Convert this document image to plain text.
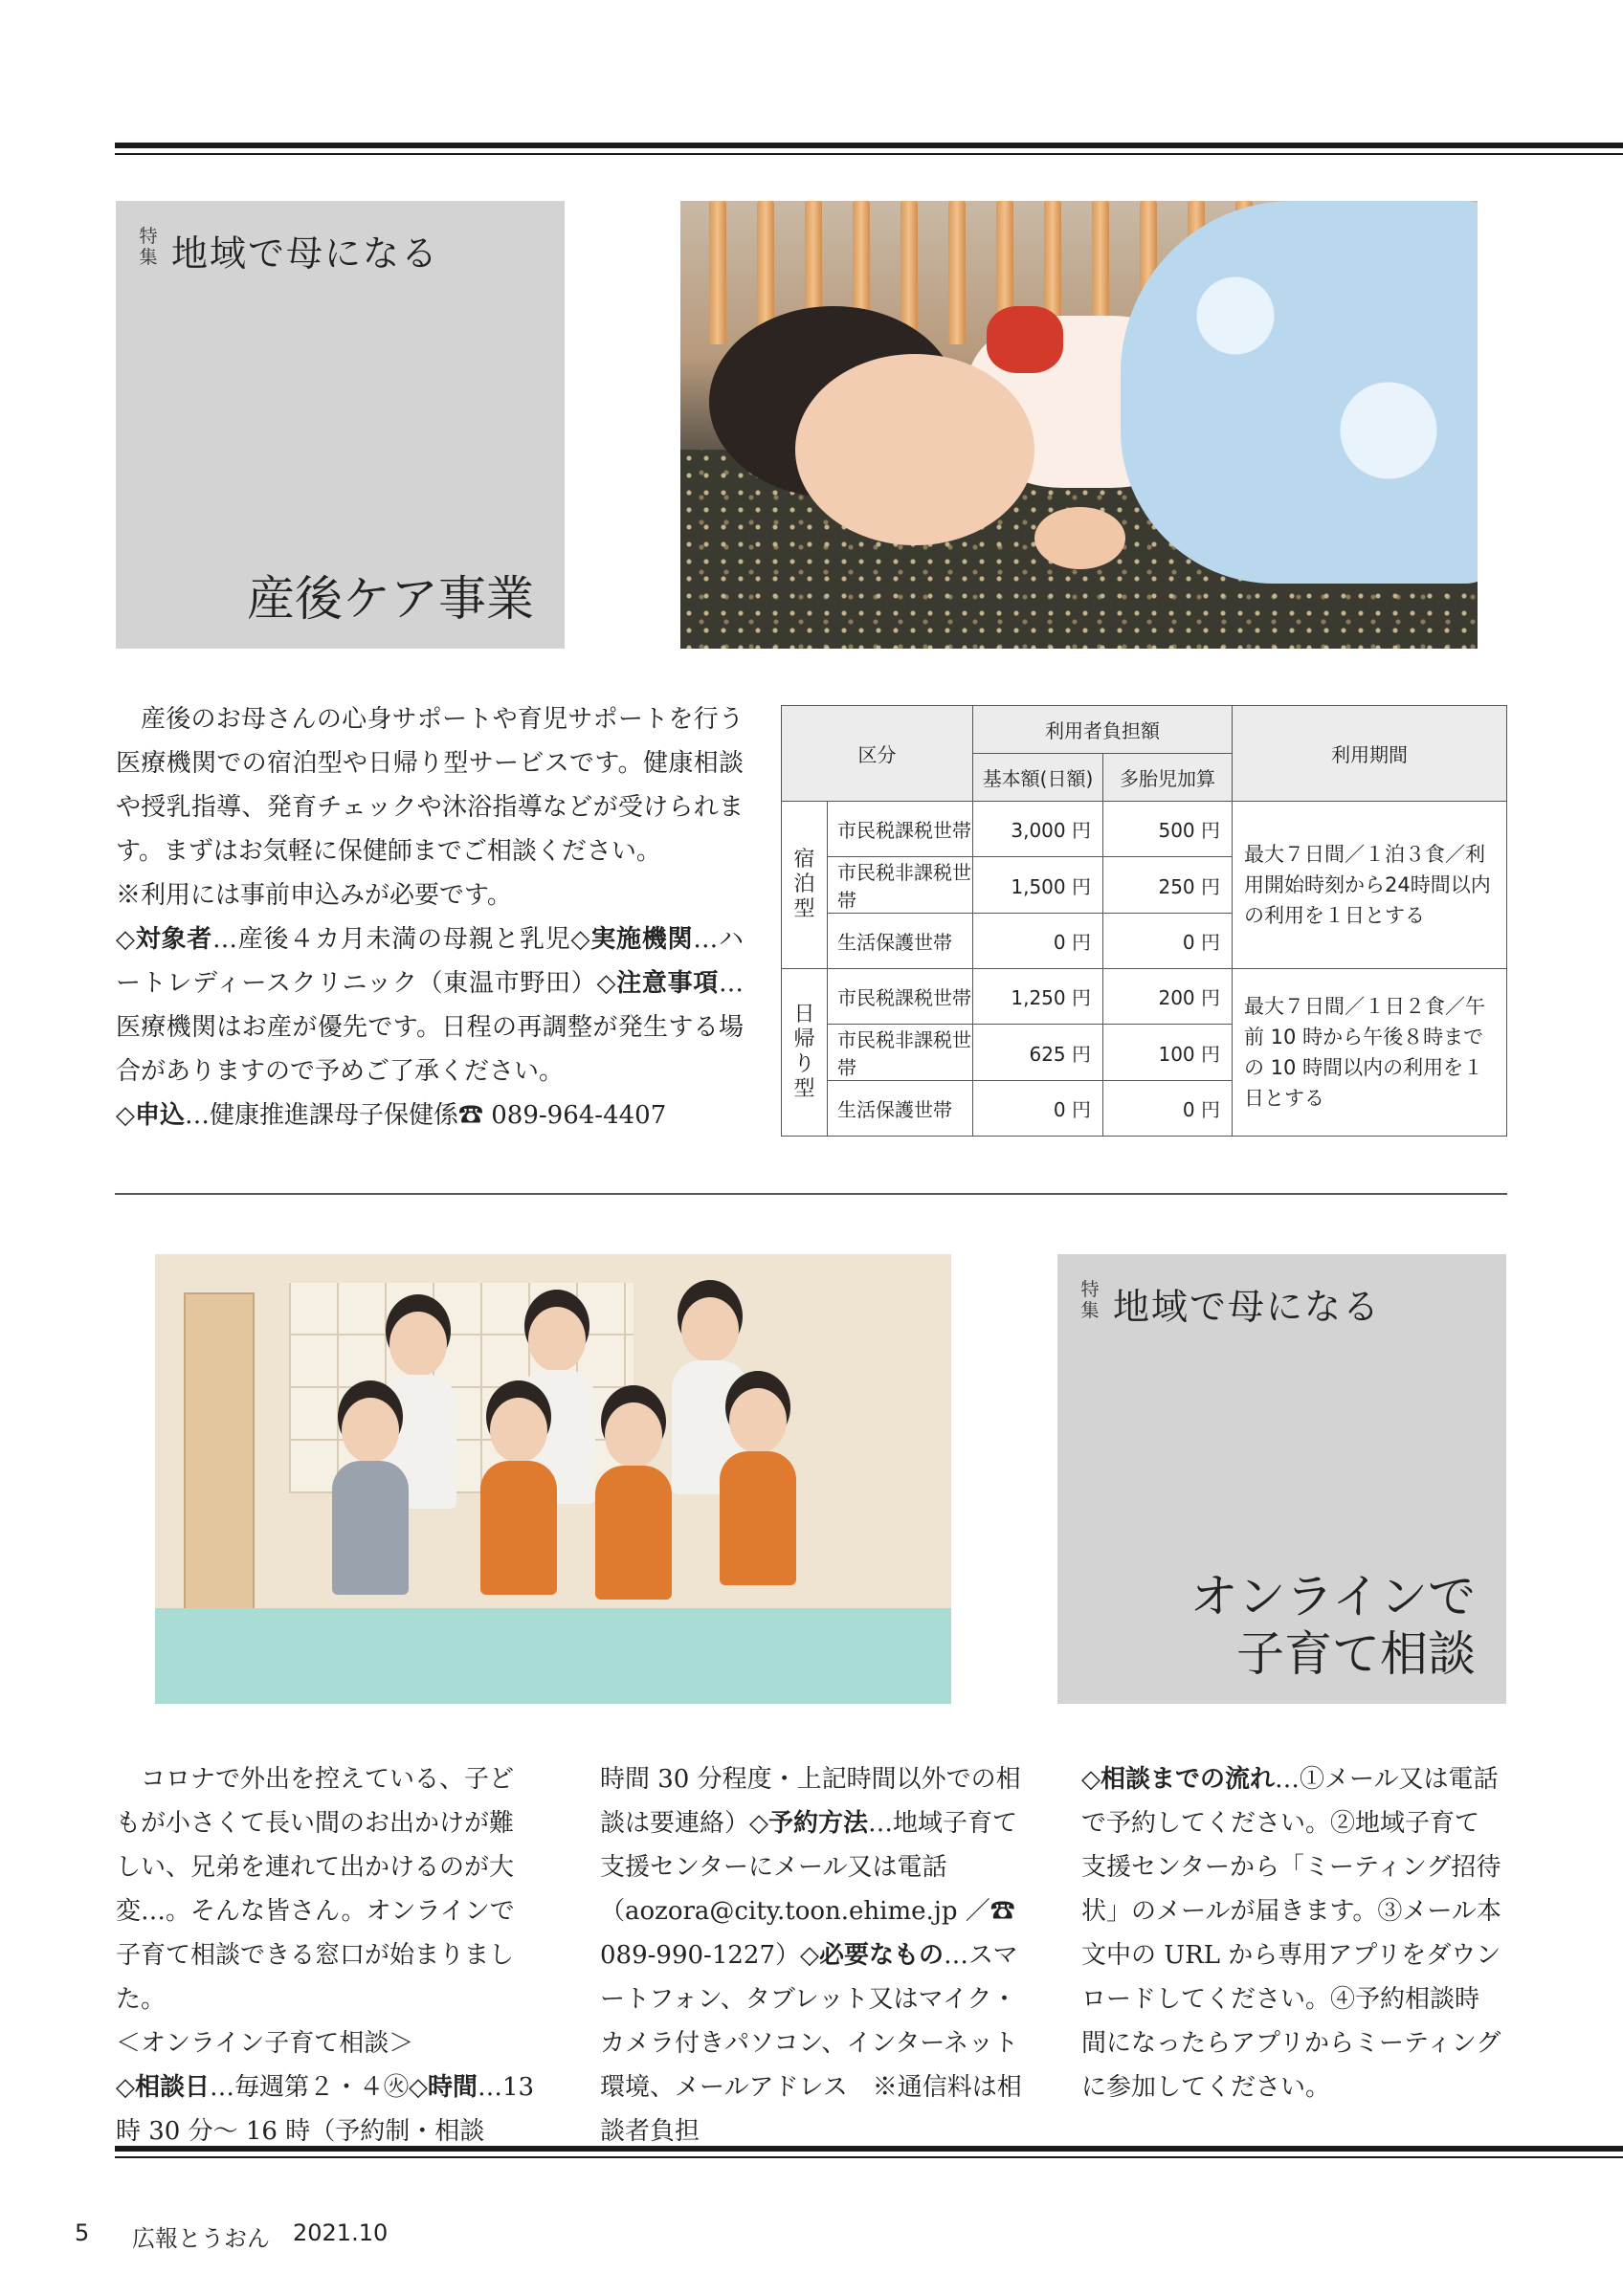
特集 地域で母になる
産後ケア事業

産後のお母さんの心身サポートや育児サポートを行う医療機関での宿泊型や日帰り型サービスです。健康相談や授乳指導、発育チェックや沐浴指導などが受けられます。まずはお気軽に保健師までご相談ください。

※利用には事前申込みが必要です。

◇対象者…産後４カ月未満の母親と乳児◇実施機関…ハートレディースクリニック（東温市野田）◇注意事項…医療機関はお産が優先です。日程の再調整が発生する場合がありますので予めご了承ください。

◇申込…健康推進課母子保健係☎ 089-964-4407

区分		利用者負担額		利用期間
		基本額(日額)	多胎児加算	
宿泊型	市民税課税世帯	3,000 円	500 円	最大７日間／１泊３食／利用開始時刻から24時間以内の利用を１日とする
	市民税非課税世帯	1,500 円	250 円	
	生活保護世帯	0 円	0 円	
日帰り型	市民税課税世帯	1,250 円	200 円	最大７日間／１日２食／午前 10 時から午後８時までの 10 時間以内の利用を１日とする
	市民税非課税世帯	625 円	100 円	
	生活保護世帯	0 円	0 円	
特集 地域で母になる
オンラインで
子育て相談

コロナで外出を控えている、子どもが小さくて長い間のお出かけが難しい、兄弟を連れて出かけるのが大変…。そんな皆さん。オンラインで子育て相談できる窓口が始まりました。

＜オンライン子育て相談＞

◇相談日…毎週第２・４㊋◇時間…13 時 30 分～ 16 時（予約制・相談

時間 30 分程度・上記時間以外での相談は要連絡）◇予約方法…地域子育て支援センターにメール又は電話（aozora@city.toon.ehime.jp ／☎ 089-990-1227）◇必要なもの…スマートフォン、タブレット又はマイク・カメラ付きパソコン、インターネット環境、メールアドレス　※通信料は相談者負担

◇相談までの流れ…①メール又は電話で予約してください。②地域子育て支援センターから「ミーティング招待状」のメールが届きます。③メール本文中の URL から専用アプリをダウンロードしてください。④予約相談時間になったらアプリからミーティングに参加してください。

5 広報とうおん 2021.10
